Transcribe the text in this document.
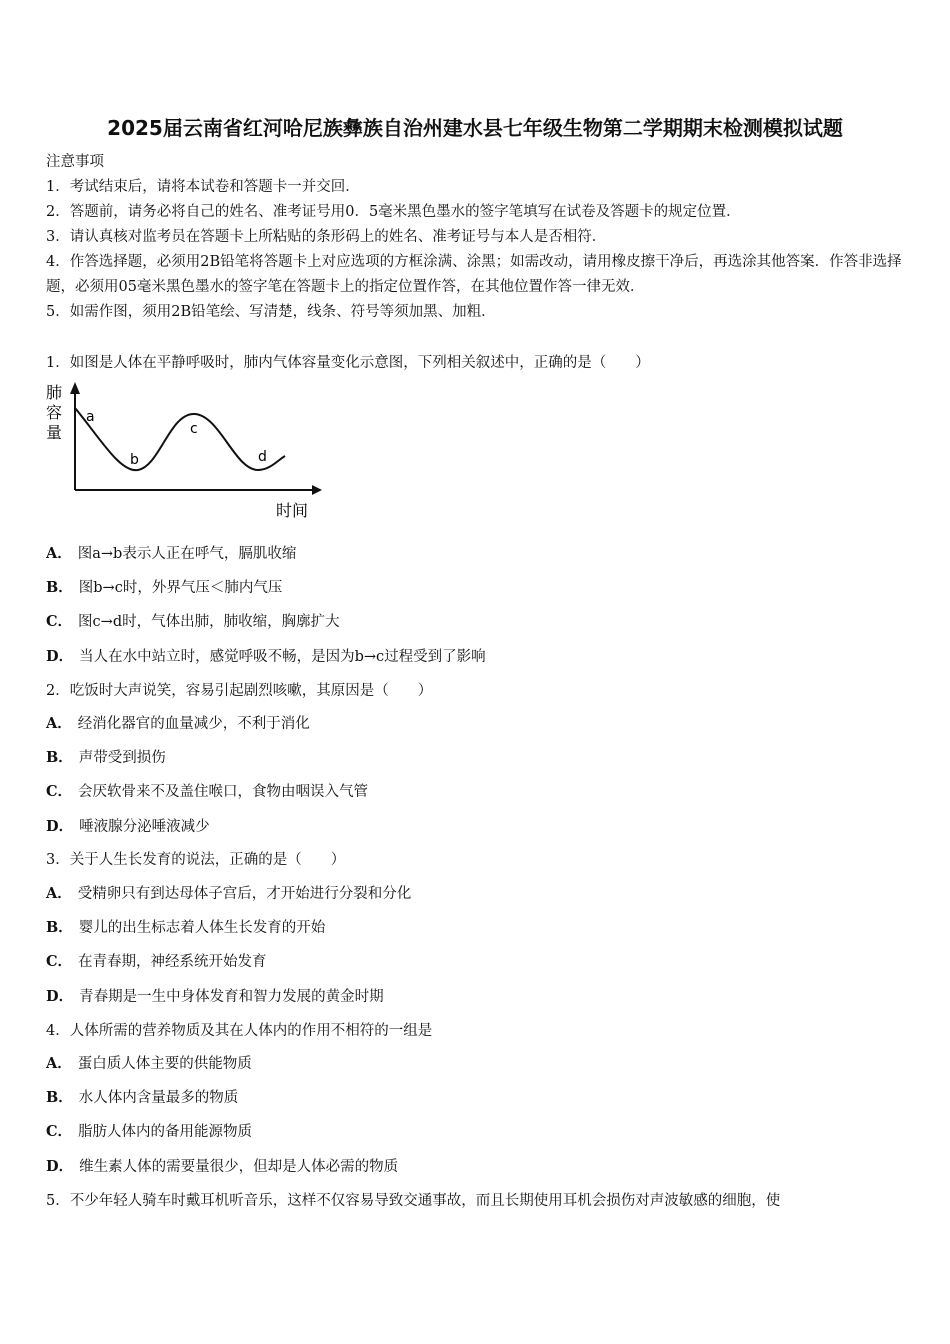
2025届云南省红河哈尼族彝族自治州建水县七年级生物第二学期期末检测模拟试题
注意事项
1．考试结束后，请将本试卷和答题卡一并交回．
2．答题前，请务必将自己的姓名、准考证号用0．5毫米黑色墨水的签字笔填写在试卷及答题卡的规定位置．
3．请认真核对监考员在答题卡上所粘贴的条形码上的姓名、准考证号与本人是否相符．
4．作答选择题，必须用2B铅笔将答题卡上对应选项的方框涂满、涂黑；如需改动，请用橡皮擦干净后，再选涂其他答案．作答非选择题，必须用05毫米黑色墨水的签字笔在答题卡上的指定位置作答，在其他位置作答一律无效．
5．如需作图，须用2B铅笔绘、写清楚，线条、符号等须加黑、加粗．
1．如图是人体在平静呼吸时，肺内气体容量变化示意图，下列相关叙述中，正确的是（　　）
肺
容
量
时间
a
b
c
d
A． 图a→b表示人正在呼气，膈肌收缩
B． 图b→c时，外界气压＜肺内气压
C． 图c→d时，气体出肺，肺收缩，胸廓扩大
D． 当人在水中站立时，感觉呼吸不畅，是因为b→c过程受到了影响
2．吃饭时大声说笑，容易引起剧烈咳嗽，其原因是（　　）
A． 经消化器官的血量减少，不利于消化
B． 声带受到损伤
C． 会厌软骨来不及盖住喉口，食物由咽误入气管
D． 唾液腺分泌唾液减少
3．关于人生长发育的说法，正确的是（　　）
A． 受精卵只有到达母体子宫后，才开始进行分裂和分化
B． 婴儿的出生标志着人体生长发育的开始
C． 在青春期，神经系统开始发育
D． 青春期是一生中身体发育和智力发展的黄金时期
4．人体所需的营养物质及其在人体内的作用不相符的一组是
A． 蛋白质人体主要的供能物质
B． 水人体内含量最多的物质
C． 脂肪人体内的备用能源物质
D． 维生素人体的需要量很少，但却是人体必需的物质
5．不少年轻人骑车时戴耳机听音乐，这样不仅容易导致交通事故，而且长期使用耳机会损伤对声波敏感的细胞，使
